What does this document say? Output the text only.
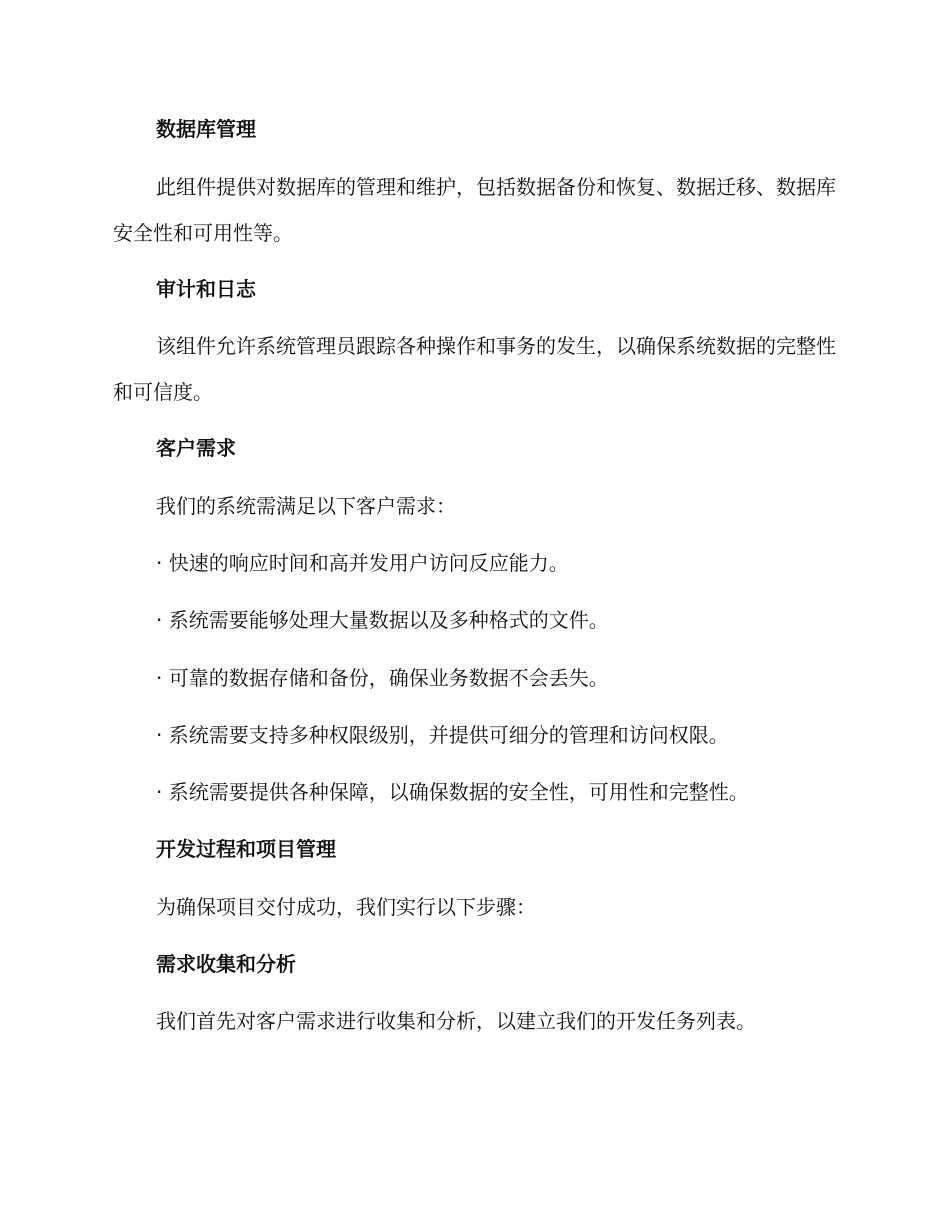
数据库管理

此组件提供对数据库的管理和维护，包括数据备份和恢复、数据迁移、数据库安全性和可用性等。

审计和日志

该组件允许系统管理员跟踪各种操作和事务的发生，以确保系统数据的完整性和可信度。

客户需求

我们的系统需满足以下客户需求：

· 快速的响应时间和高并发用户访问反应能力。

· 系统需要能够处理大量数据以及多种格式的文件。

· 可靠的数据存储和备份，确保业务数据不会丢失。

· 系统需要支持多种权限级别，并提供可细分的管理和访问权限。

· 系统需要提供各种保障，以确保数据的安全性，可用性和完整性。

开发过程和项目管理

为确保项目交付成功，我们实行以下步骤：

需求收集和分析

我们首先对客户需求进行收集和分析，以建立我们的开发任务列表。
